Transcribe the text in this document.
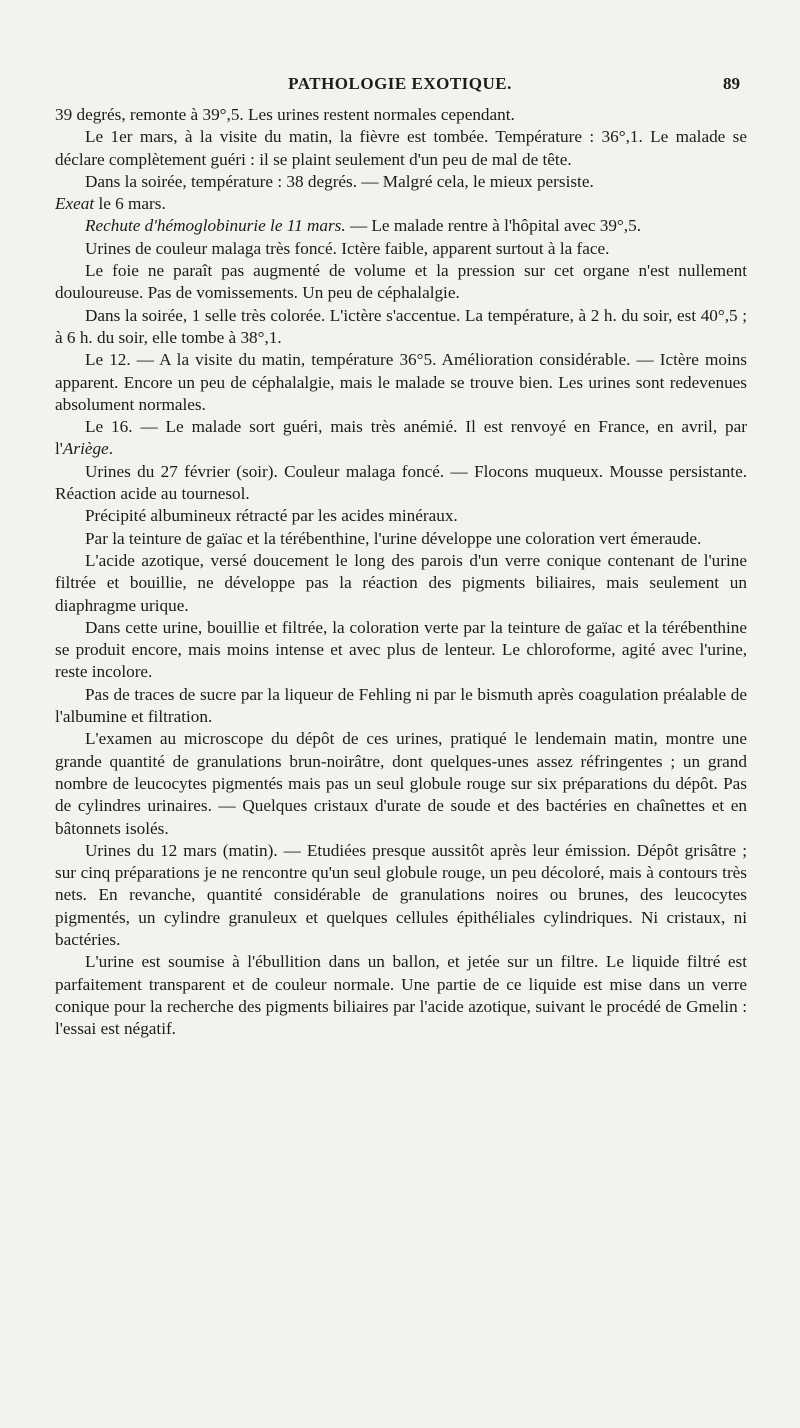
PATHOLOGIE EXOTIQUE.	89

39 degrés, remonte à 39°,5. Les urines restent normales cependant.

Le 1er mars, à la visite du matin, la fièvre est tombée. Température : 36°,1. Le malade se déclare complètement guéri : il se plaint seulement d'un peu de mal de tête.

Dans la soirée, température : 38 degrés. — Malgré cela, le mieux persiste.

Exeat le 6 mars.

Rechute d'hémoglobinurie le 11 mars. — Le malade rentre à l'hôpital avec 39°,5.

Urines de couleur malaga très foncé. Ictère faible, apparent surtout à la face.

Le foie ne paraît pas augmenté de volume et la pression sur cet organe n'est nullement douloureuse. Pas de vomissements. Un peu de céphalalgie.

Dans la soirée, 1 selle très colorée. L'ictère s'accentue. La température, à 2 h. du soir, est 40°,5 ; à 6 h. du soir, elle tombe à 38°,1.

Le 12. — A la visite du matin, température 36°5. Amélioration considérable. — Ictère moins apparent. Encore un peu de céphalalgie, mais le malade se trouve bien. Les urines sont redevenues absolument normales.

Le 16. — Le malade sort guéri, mais très anémié. Il est renvoyé en France, en avril, par l'Ariège.

Urines du 27 février (soir). Couleur malaga foncé. — Flocons muqueux. Mousse persistante. Réaction acide au tournesol.

Précipité albumineux rétracté par les acides minéraux.

Par la teinture de gaïac et la térébenthine, l'urine développe une coloration vert émeraude.

L'acide azotique, versé doucement le long des parois d'un verre conique contenant de l'urine filtrée et bouillie, ne développe pas la réaction des pigments biliaires, mais seulement un diaphragme urique.

Dans cette urine, bouillie et filtrée, la coloration verte par la teinture de gaïac et la térébenthine se produit encore, mais moins intense et avec plus de lenteur. Le chloroforme, agité avec l'urine, reste incolore.

Pas de traces de sucre par la liqueur de Fehling ni par le bismuth après coagulation préalable de l'albumine et filtration.

L'examen au microscope du dépôt de ces urines, pratiqué le lendemain matin, montre une grande quantité de granulations brun-noirâtre, dont quelques-unes assez réfringentes ; un grand nombre de leucocytes pigmentés mais pas un seul globule rouge sur six préparations du dépôt. Pas de cylindres urinaires. — Quelques cristaux d'urate de soude et des bactéries en chaînettes et en bâtonnets isolés.

Urines du 12 mars (matin). — Etudiées presque aussitôt après leur émission. Dépôt grisâtre ; sur cinq préparations je ne rencontre qu'un seul globule rouge, un peu décoloré, mais à contours très nets. En revanche, quantité considérable de granulations noires ou brunes, des leucocytes pigmentés, un cylindre granuleux et quelques cellules épithéliales cylindriques. Ni cristaux, ni bactéries.

L'urine est soumise à l'ébullition dans un ballon, et jetée sur un filtre. Le liquide filtré est parfaitement transparent et de couleur normale. Une partie de ce liquide est mise dans un verre conique pour la recherche des pigments biliaires par l'acide azotique, suivant le procédé de Gmelin : l'essai est négatif.
